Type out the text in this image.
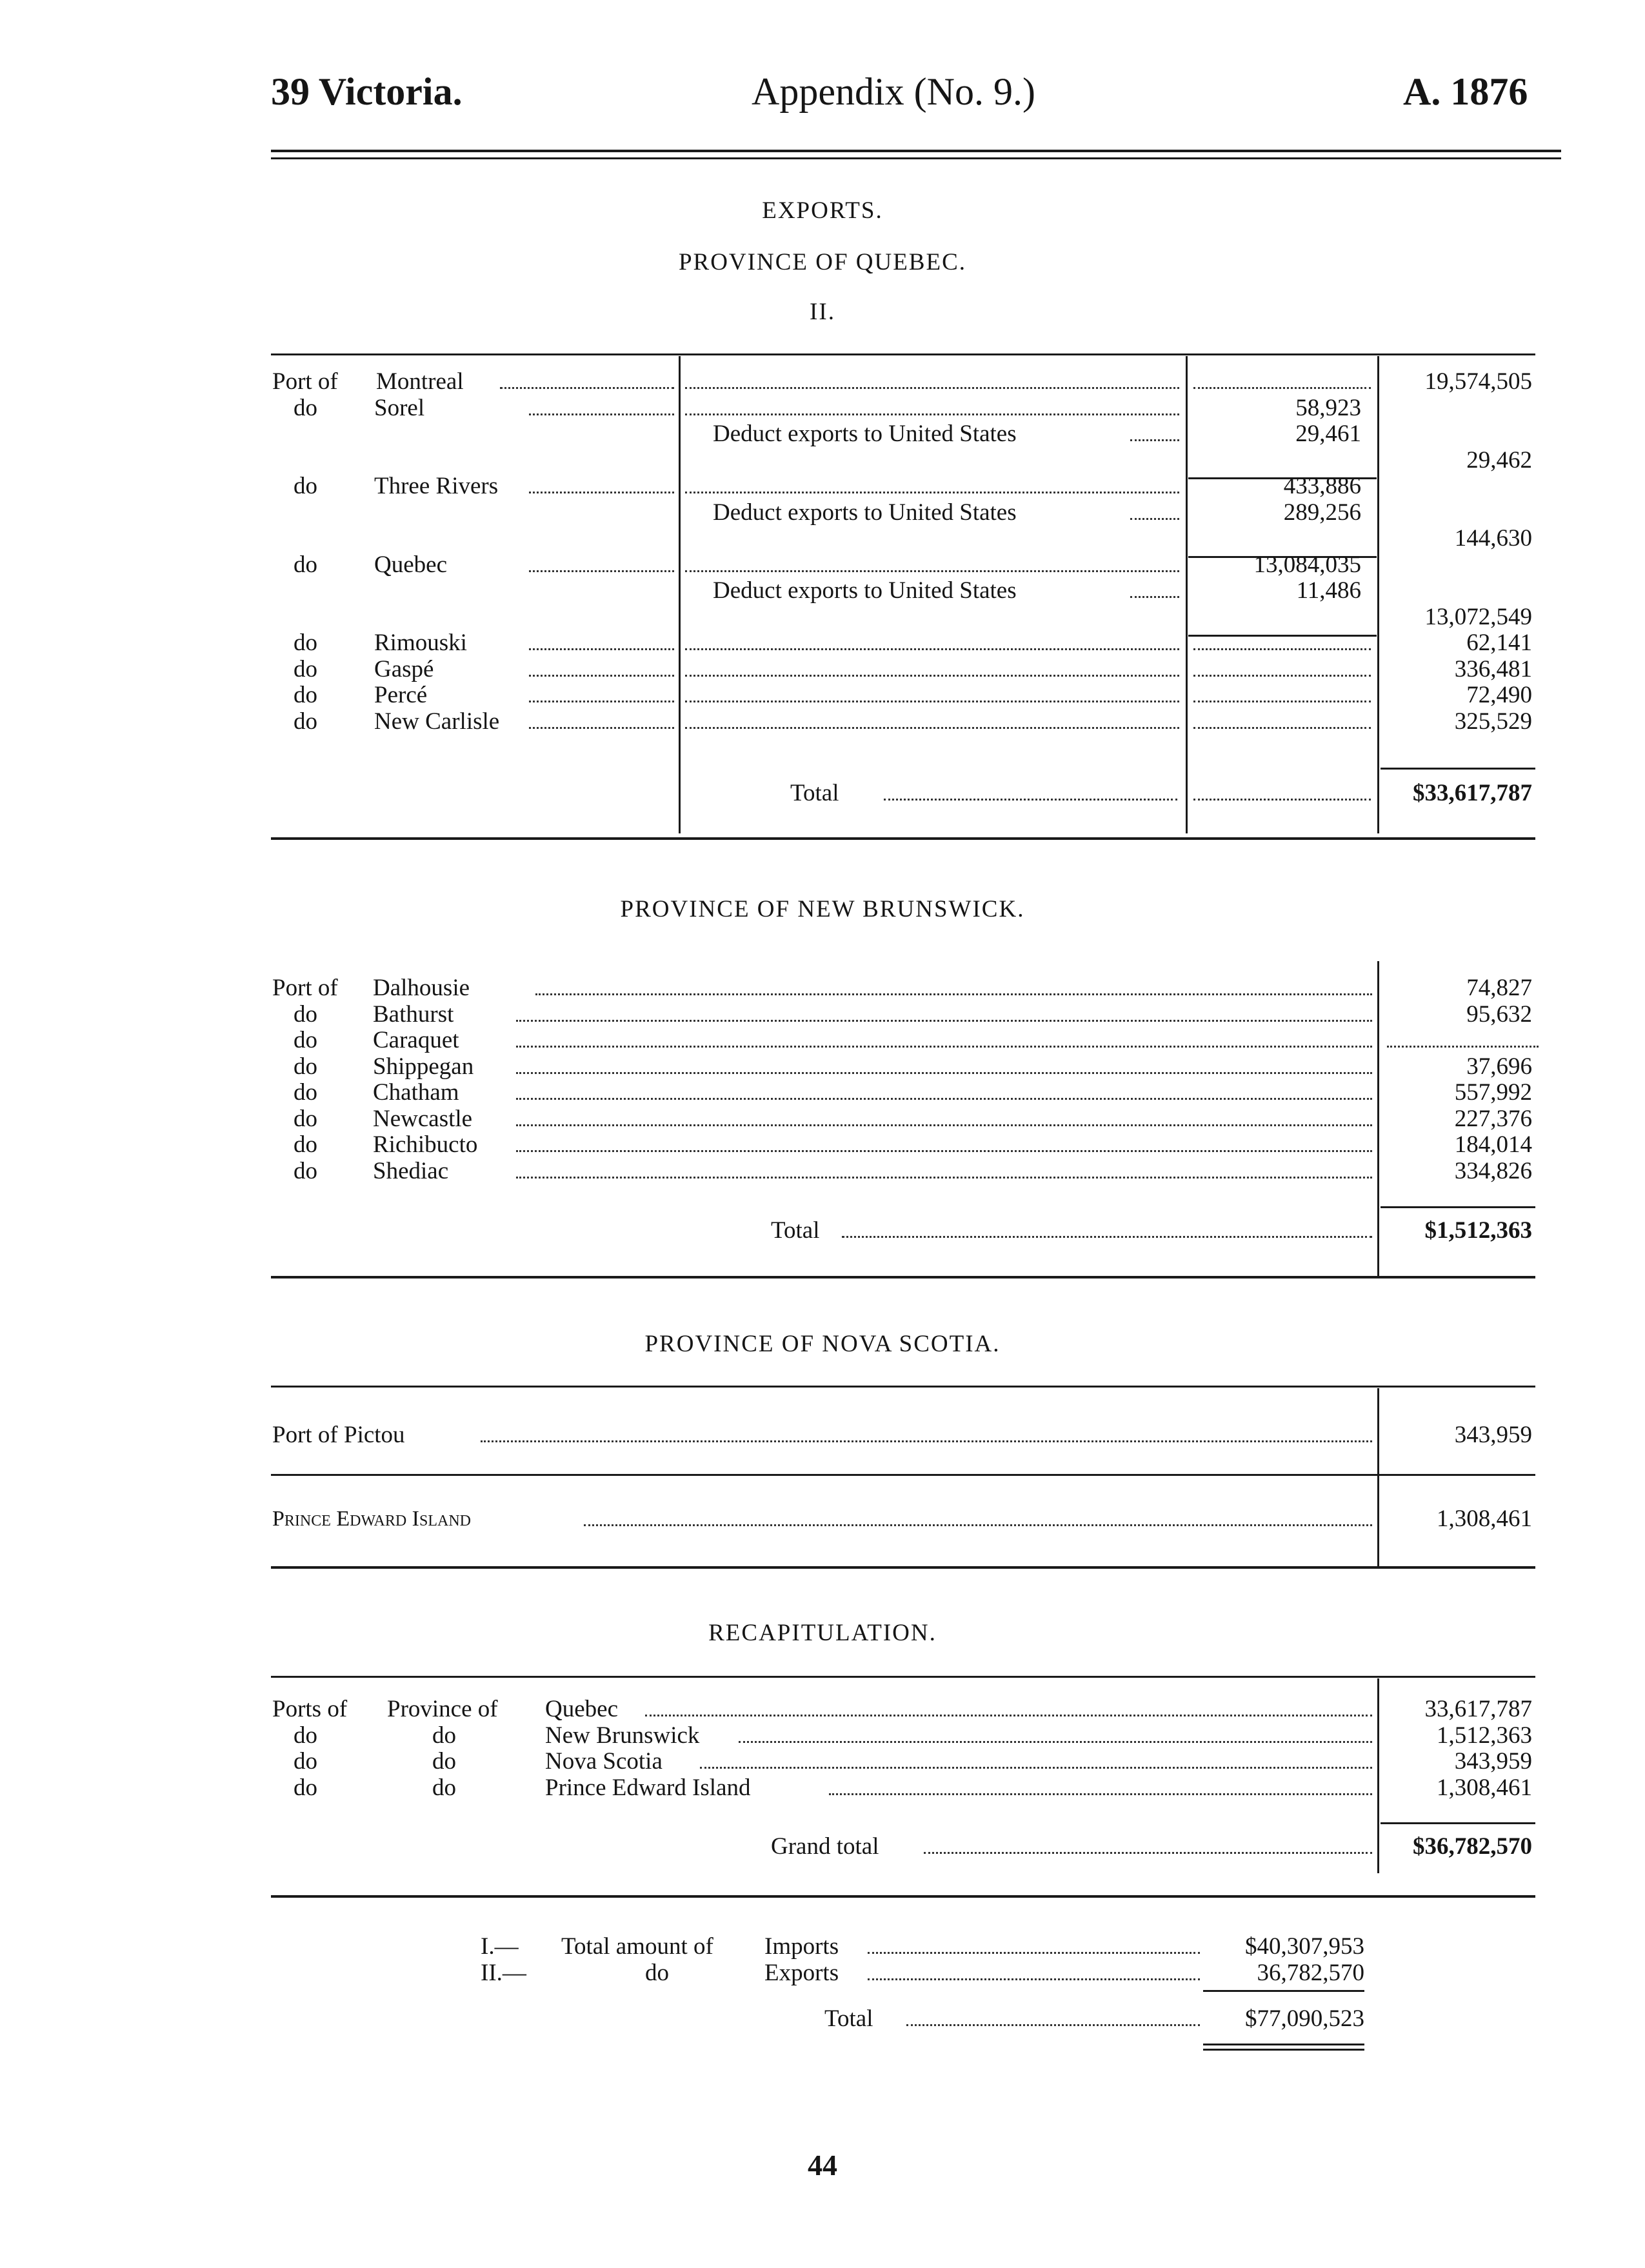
39 Victoria.	Appendix (No. 9.)	A. 1876
EXPORTS.
PROVINCE OF QUEBEC.
II.
Port of Montreal	19,574,505
do Sorel	58,923
Deduct exports to United States	29,461
29,462
do Three Rivers	433,886
Deduct exports to United States	289,256
144,630
do Quebec	13,084,035
Deduct exports to United States	11,486
13,072,549
do Rimouski	62,141
do Gaspé	336,481
do Percé	72,490
do New Carlisle	325,529
Total	$33,617,787
PROVINCE OF NEW BRUNSWICK.
Port of Dalhousie	74,827
do Bathurst	95,632
do Caraquet
do Shippegan	37,696
do Chatham	557,992
do Newcastle	227,376
do Richibucto	184,014
do Shediac	334,826
Total	$1,512,363
PROVINCE OF NOVA SCOTIA.
Port of Pictou	343,959
Prince Edward Island	1,308,461
RECAPITULATION.
Ports of Province of Quebec	33,617,787
do	do	New Brunswick	1,512,363
do	do	Nova Scotia	343,959
do	do	Prince Edward Island	1,308,461
Grand total	$36,782,570
I.— Total amount of Imports	$40,307,953
II.—	do	Exports	36,782,570
Total	$77,090,523
44
